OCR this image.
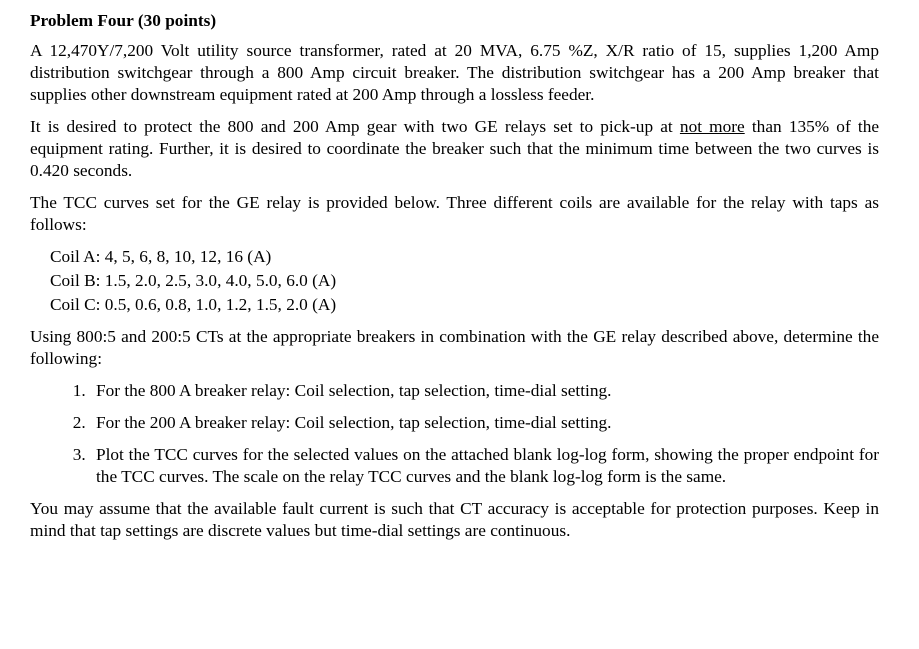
Problem Four (30 points)

A 12,470Y/7,200 Volt utility source transformer, rated at 20 MVA, 6.75 %Z, X/R ratio of 15, supplies 1,200 Amp distribution switchgear through a 800 Amp circuit breaker. The distribution switchgear has a 200 Amp breaker that supplies other downstream equipment rated at 200 Amp through a lossless feeder.

It is desired to protect the 800 and 200 Amp gear with two GE relays set to pick-up at not more than 135% of the equipment rating. Further, it is desired to coordinate the breaker such that the minimum time between the two curves is 0.420 seconds.

The TCC curves set for the GE relay is provided below. Three different coils are available for the relay with taps as follows:

Coil A: 4, 5, 6, 8, 10, 12, 16 (A)
Coil B: 1.5, 2.0, 2.5, 3.0, 4.0, 5.0, 6.0 (A)
Coil C: 0.5, 0.6, 0.8, 1.0, 1.2, 1.5, 2.0 (A)

Using 800:5 and 200:5 CTs at the appropriate breakers in combination with the GE relay described above, determine the following:

1. For the 800 A breaker relay: Coil selection, tap selection, time-dial setting.
2. For the 200 A breaker relay: Coil selection, tap selection, time-dial setting.
3. Plot the TCC curves for the selected values on the attached blank log-log form, showing the proper endpoint for the TCC curves. The scale on the relay TCC curves and the blank log-log form is the same.

You may assume that the available fault current is such that CT accuracy is acceptable for protection purposes. Keep in mind that tap settings are discrete values but time-dial settings are continuous.
